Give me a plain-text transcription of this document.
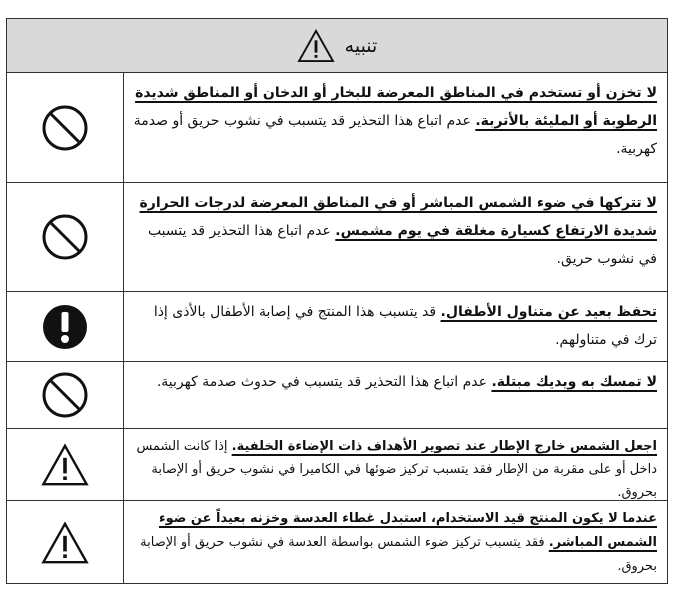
تنبيه
لا تخزن أو تستخدم في المناطق المعرضة للبخار أو الدخان أو المناطق شديدة الرطوبة أو المليئة بالأتربة. عدم اتباع هذا التحذير قد يتسبب في نشوب حريق أو صدمة كهربية.
لا تتركها في ضوء الشمس المباشر أو في المناطق المعرضة لدرجات الحرارة شديدة الارتفاع كسيارة مغلقة في يوم مشمس. عدم اتباع هذا التحذير قد يتسبب في نشوب حريق.
تحفظ بعيد عن متناول الأطفال. قد يتسبب هذا المنتج في إصابة الأطفال بالأذى إذا ترك في متناولهم.
لا تمسك به ويديك مبتلة. عدم اتباع هذا التحذير قد يتسبب في حدوث صدمة كهربية.
اجعل الشمس خارج الإطار عند تصوير الأهداف ذات الإضاءة الخلفية. إذا كانت الشمس داخل أو على مقربة من الإطار فقد يتسبب تركيز ضوئها في الكاميرا في نشوب حريق أو الإصابة بحروق.
عندما لا يكون المنتج قيد الاستخدام، استبدل غطاء العدسة وخزنه بعيداً عن ضوء الشمس المباشر. فقد يتسبب تركيز ضوء الشمس بواسطة العدسة في نشوب حريق أو الإصابة بحروق.
